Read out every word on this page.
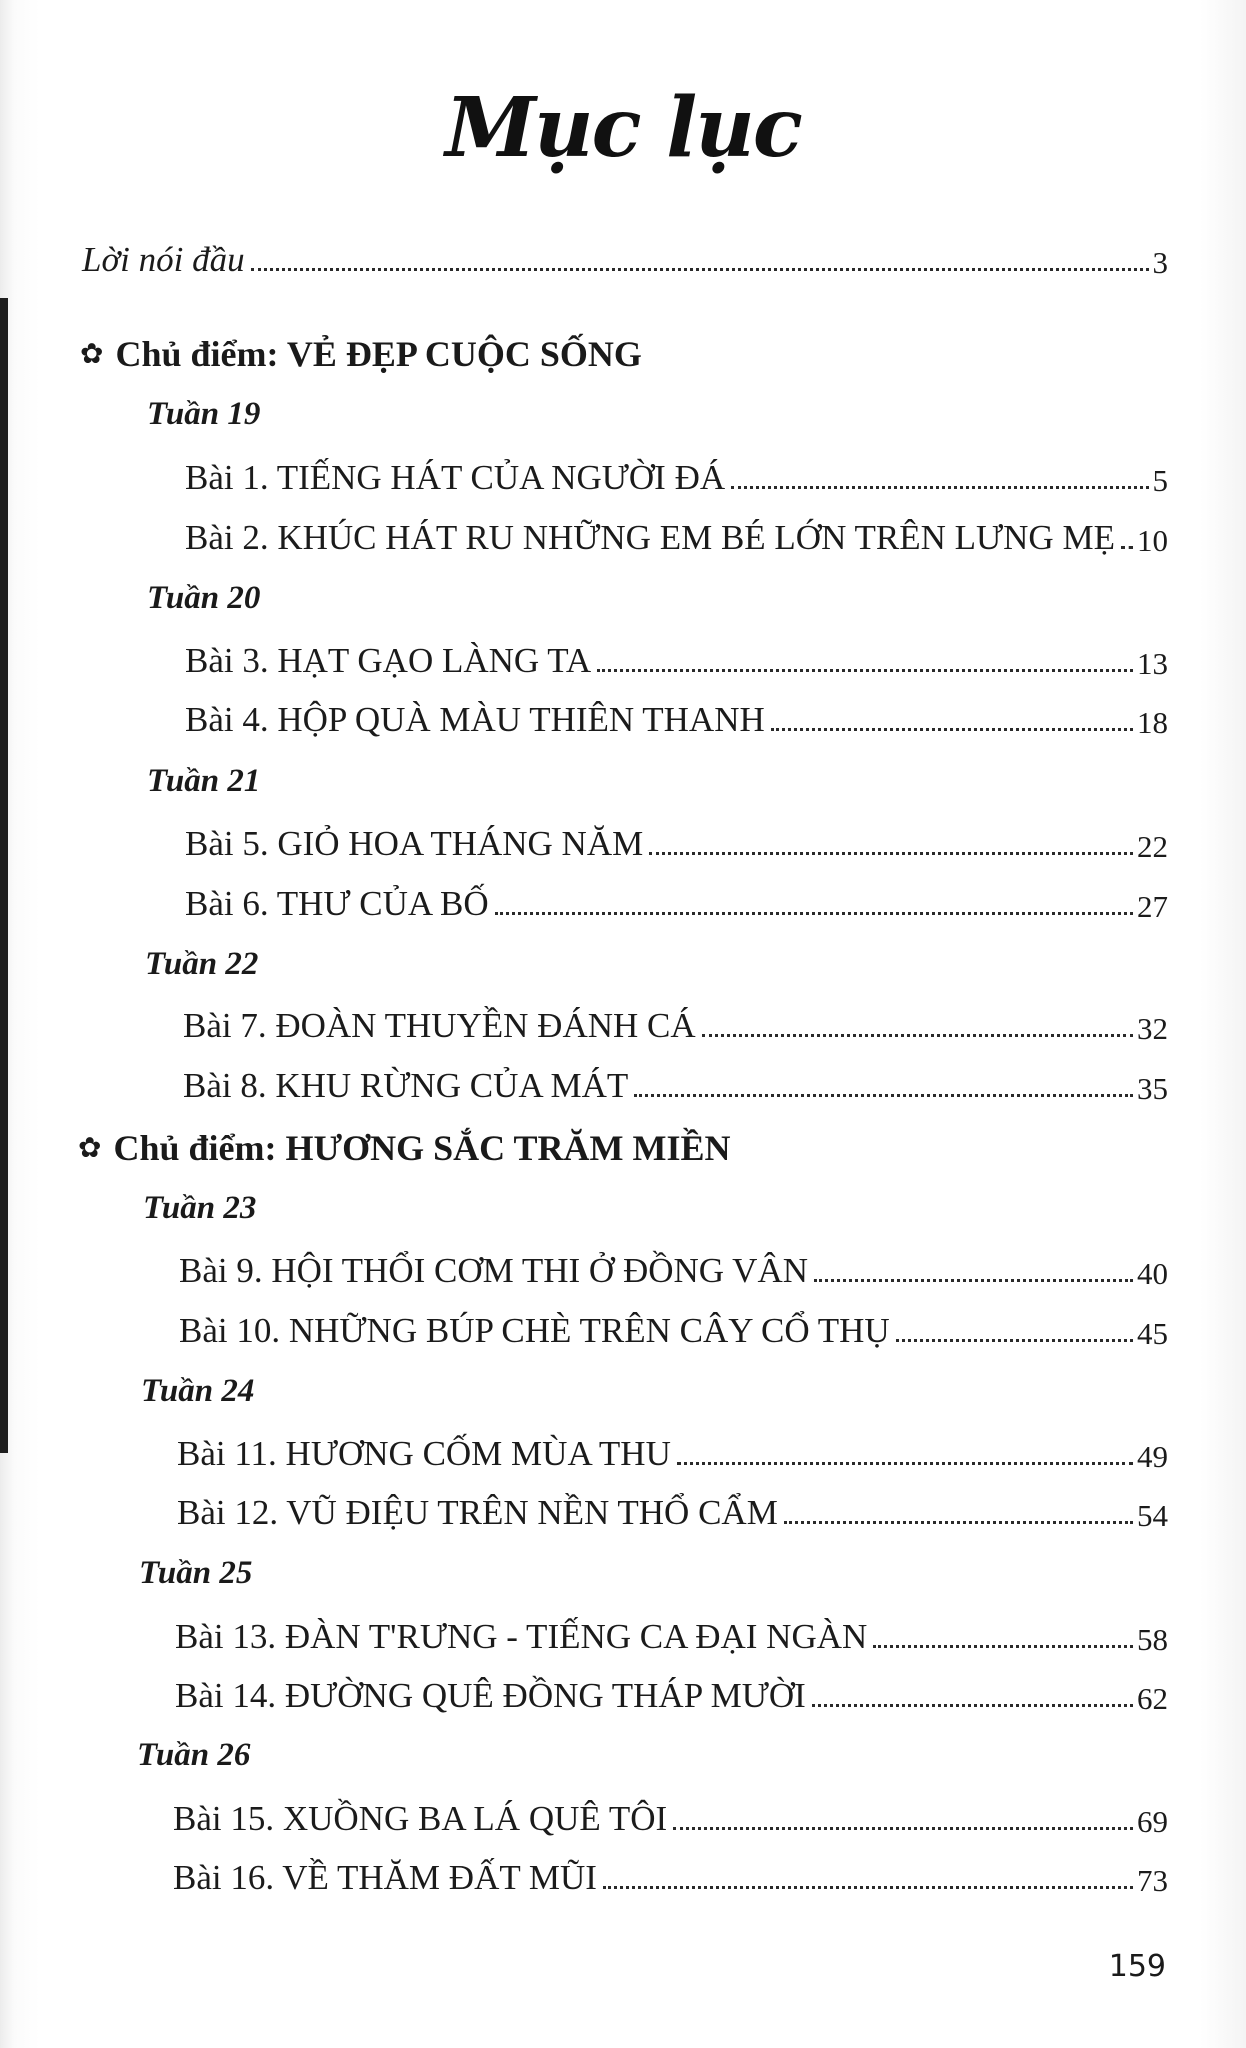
Mục lục
Lời nói đầu	3
✿ Chủ điểm: VẺ ĐẸP CUỘC SỐNG
Tuần 19
Bài 1. TIẾNG HÁT CỦA NGƯỜI ĐÁ	5
Bài 2. KHÚC HÁT RU NHỮNG EM BÉ LỚN TRÊN LƯNG MẸ 10
Tuần 20
Bài 3. HẠT GẠO LÀNG TA	13
Bài 4. HỘP QUÀ MÀU THIÊN THANH	18
Tuần 21
Bài 5. GIỎ HOA THÁNG NĂM	22
Bài 6. THƯ CỦA BỐ	27
Tuần 22
Bài 7. ĐOÀN THUYỀN ĐÁNH CÁ	32
Bài 8. KHU RỪNG CỦA MÁT	35
✿ Chủ điểm: HƯƠNG SẮC TRĂM MIỀN
Tuần 23
Bài 9. HỘI THỔI CƠM THI Ở ĐỒNG VÂN	40
Bài 10. NHỮNG BÚP CHÈ TRÊN CÂY CỔ THỤ	45
Tuần 24
Bài 11. HƯƠNG CỐM MÙA THU	49
Bài 12. VŨ ĐIỆU TRÊN NỀN THỔ CẨM	54
Tuần 25
Bài 13. ĐÀN T'RƯNG - TIẾNG CA ĐẠI NGÀN	58
Bài 14. ĐƯỜNG QUÊ ĐỒNG THÁP MƯỜI	62
Tuần 26
Bài 15. XUỒNG BA LÁ QUÊ TÔI	69
Bài 16. VỀ THĂM ĐẤT MŨI	73
159
